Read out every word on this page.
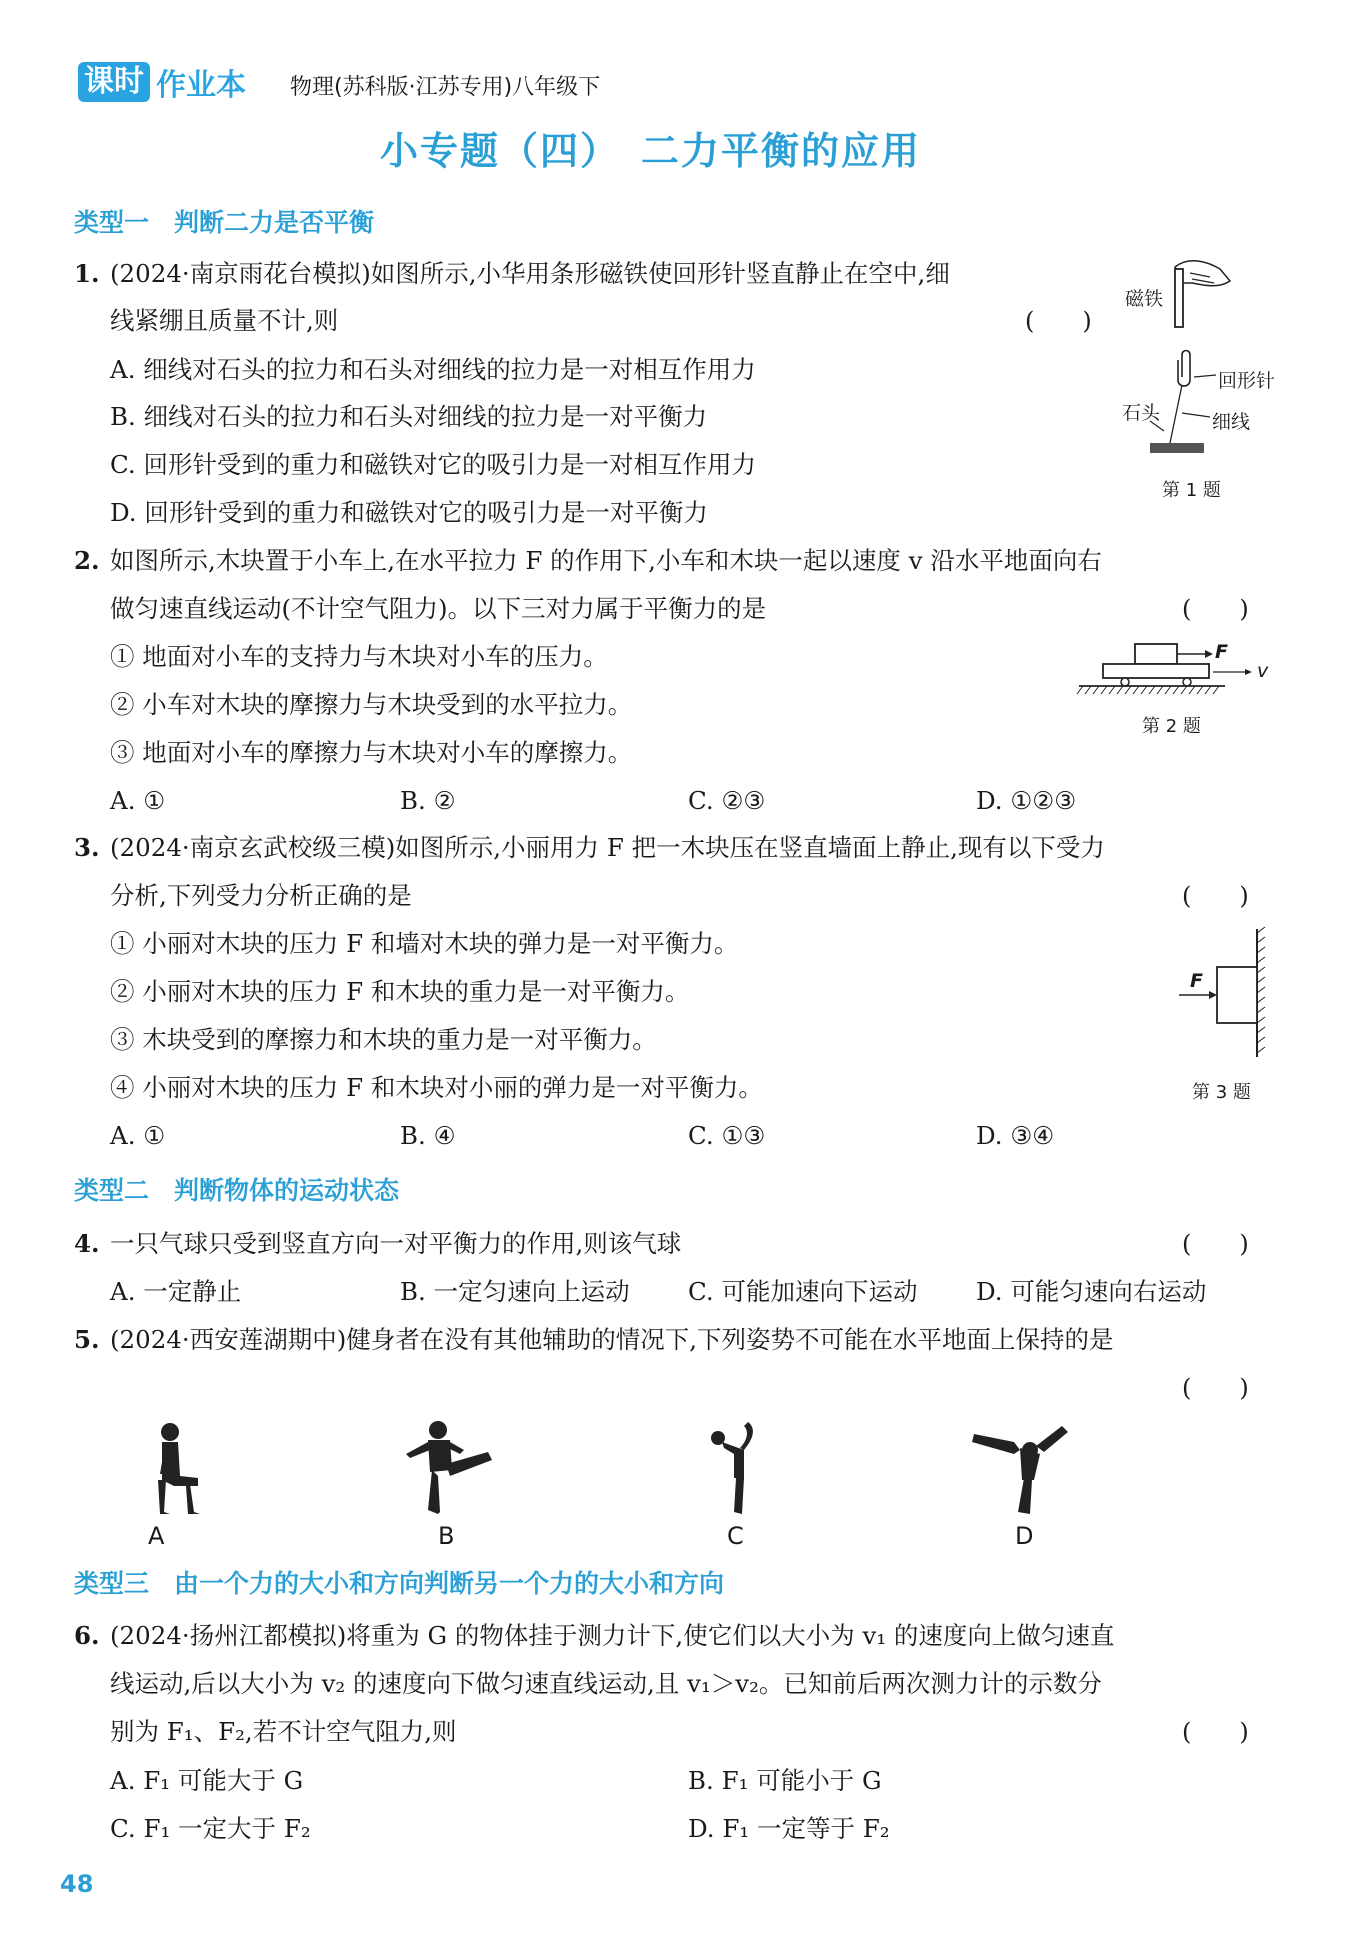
课时 作业本 物理(苏科版·江苏专用)八年级下
小专题（四）　二力平衡的应用
类型一　判断二力是否平衡
1. (2024·南京雨花台模拟)如图所示,小华用条形磁铁使回形针竖直静止在空中,细
线紧绷且质量不计,则	(　　)
A. 细线对石头的拉力和石头对细线的拉力是一对相互作用力
B. 细线对石头的拉力和石头对细线的拉力是一对平衡力
C. 回形针受到的重力和磁铁对它的吸引力是一对相互作用力
D. 回形针受到的重力和磁铁对它的吸引力是一对平衡力
磁铁
回形针
石头	细线
第 1 题
2. 如图所示,木块置于小车上,在水平拉力 F 的作用下,小车和木块一起以速度 v 沿水平地面向右
做匀速直线运动(不计空气阻力)。以下三对力属于平衡力的是	(　　)
① 地面对小车的支持力与木块对小车的压力。
② 小车对木块的摩擦力与木块受到的水平拉力。
③ 地面对小车的摩擦力与木块对小车的摩擦力。
A. ①	B. ②	C. ②③	D. ①②③
F
v
第 2 题
3. (2024·南京玄武校级三模)如图所示,小丽用力 F 把一木块压在竖直墙面上静止,现有以下受力
分析,下列受力分析正确的是	(　　)
① 小丽对木块的压力 F 和墙对木块的弹力是一对平衡力。
② 小丽对木块的压力 F 和木块的重力是一对平衡力。
③ 木块受到的摩擦力和木块的重力是一对平衡力。
④ 小丽对木块的压力 F 和木块对小丽的弹力是一对平衡力。
A. ①	B. ④	C. ①③	D. ③④
F
第 3 题
类型二　判断物体的运动状态
4. 一只气球只受到竖直方向一对平衡力的作用,则该气球	(　　)
A. 一定静止	B. 一定匀速向上运动 C. 可能加速向下运动 D. 可能匀速向右运动
5. (2024·西安莲湖期中)健身者在没有其他辅助的情况下,下列姿势不可能在水平地面上保持的是
(　　)
A	B	C	D
类型三　由一个力的大小和方向判断另一个力的大小和方向
6. (2024·扬州江都模拟)将重为 G 的物体挂于测力计下,使它们以大小为 v₁ 的速度向上做匀速直
线运动,后以大小为 v₂ 的速度向下做匀速直线运动,且 v₁＞v₂。已知前后两次测力计的示数分
别为 F₁、F₂,若不计空气阻力,则	(　　)
A. F₁ 可能大于 G	B. F₁ 可能小于 G
C. F₁ 一定大于 F₂	D. F₁ 一定等于 F₂
48
